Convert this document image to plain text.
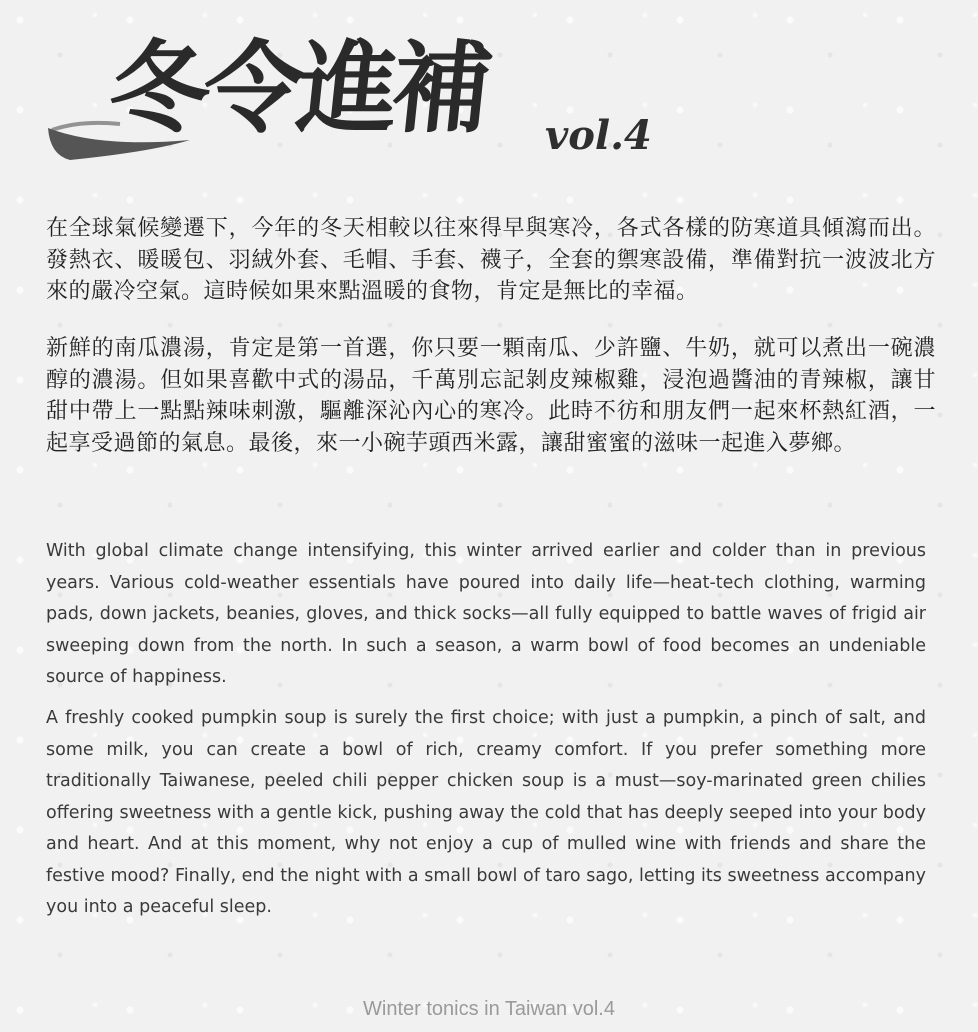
冬令進補 vol.4

在全球氣候變遷下，今年的冬天相較以往來得早與寒冷，各式各樣的防寒道具傾瀉而出。發熱衣、暖暖包、羽絨外套、毛帽、手套、襪子，全套的禦寒設備，準備對抗一波波北方來的嚴冷空氣。這時候如果來點溫暖的食物，肯定是無比的幸福。

新鮮的南瓜濃湯，肯定是第一首選，你只要一顆南瓜、少許鹽、牛奶，就可以煮出一碗濃醇的濃湯。但如果喜歡中式的湯品，千萬別忘記剝皮辣椒雞，浸泡過醬油的青辣椒，讓甘甜中帶上一點點辣味刺激，驅離深沁內心的寒冷。此時不彷和朋友們一起來杯熱紅酒，一起享受過節的氣息。最後，來一小碗芋頭西米露，讓甜蜜蜜的滋味一起進入夢鄉。

With global climate change intensifying, this winter arrived earlier and colder than in previous years. Various cold-weather essentials have poured into daily life—heat-tech clothing, warming pads, down jackets, beanies, gloves, and thick socks—all fully equipped to battle waves of frigid air sweeping down from the north. In such a season, a warm bowl of food becomes an undeniable source of happiness.

A freshly cooked pumpkin soup is surely the first choice; with just a pumpkin, a pinch of salt, and some milk, you can create a bowl of rich, creamy comfort. If you prefer something more traditionally Taiwanese, peeled chili pepper chicken soup is a must—soy-marinated green chilies offering sweetness with a gentle kick, pushing away the cold that has deeply seeped into your body and heart. And at this moment, why not enjoy a cup of mulled wine with friends and share the festive mood? Finally, end the night with a small bowl of taro sago, letting its sweetness accompany you into a peaceful sleep.

Winter tonics in Taiwan vol.4
